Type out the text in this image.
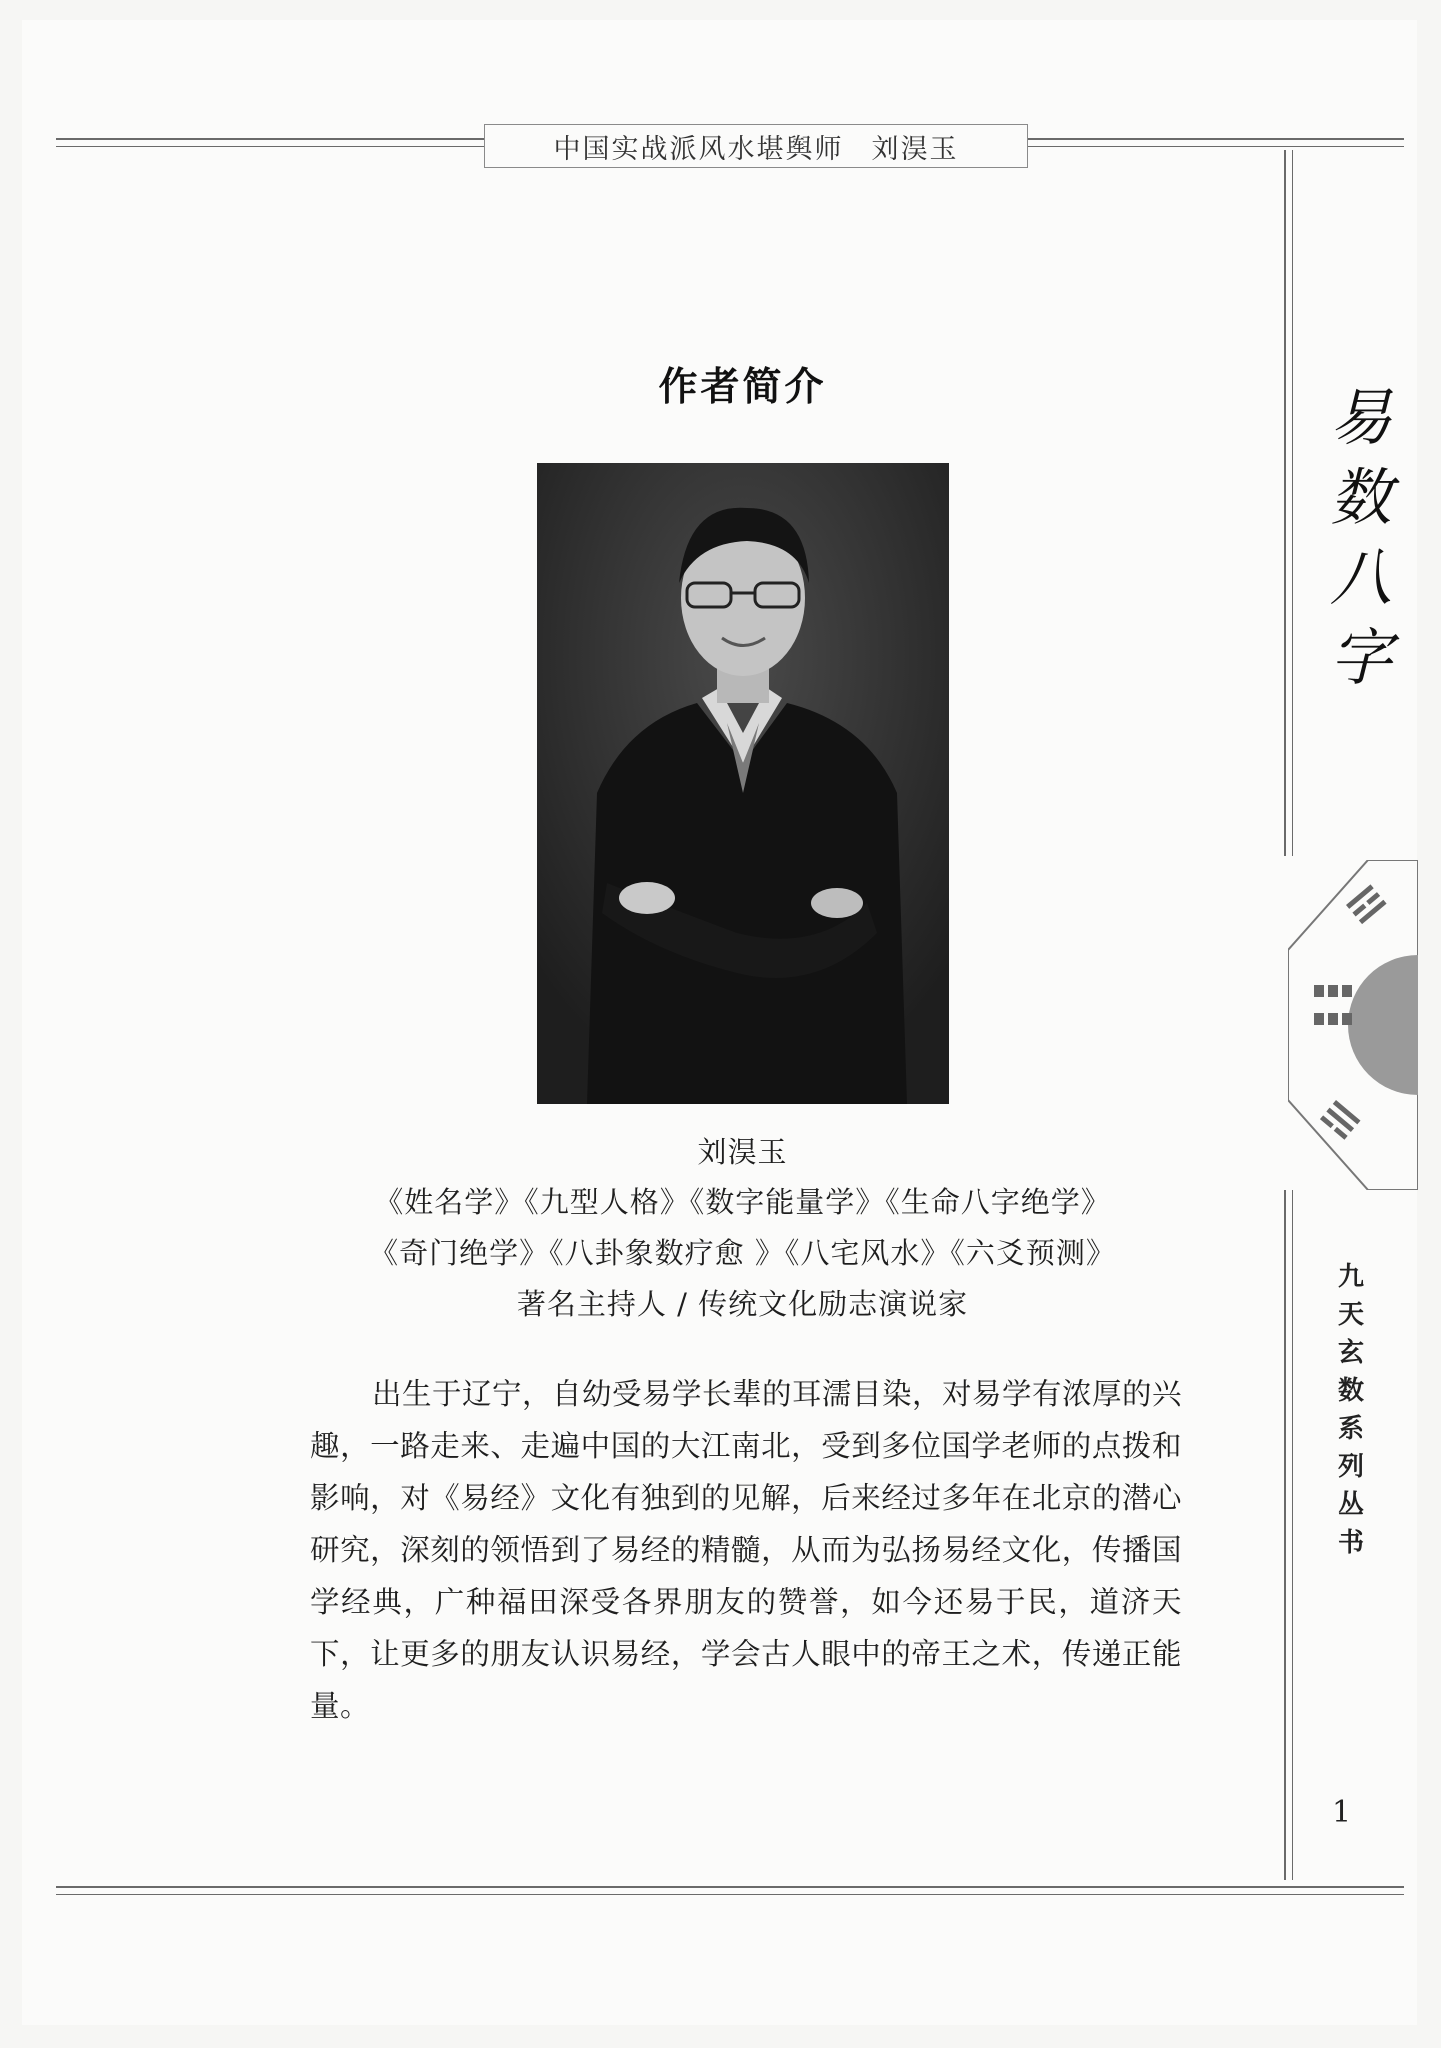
中国实战派风水堪舆师 刘淏玉
作者简介
刘淏玉
《姓名学》《九型人格》《数字能量学》《生命八字绝学》
《奇门绝学》《八卦象数疗愈 》《八宅风水》《六爻预测》
著名主持人 / 传统文化励志演说家
出生于辽宁，自幼受易学长辈的耳濡目染，对易学有浓厚的兴趣，一路走来、走遍中国的大江南北，受到多位国学老师的点拨和影响，对《易经》文化有独到的见解，后来经过多年在北京的潜心研究，深刻的领悟到了易经的精髓，从而为弘扬易经文化，传播国学经典，广种福田深受各界朋友的赞誉，如今还易于民，道济天下，让更多的朋友认识易经，学会古人眼中的帝王之术，传递正能量。
易
数
八
字
九
天
玄
数
系
列
丛
书
1
